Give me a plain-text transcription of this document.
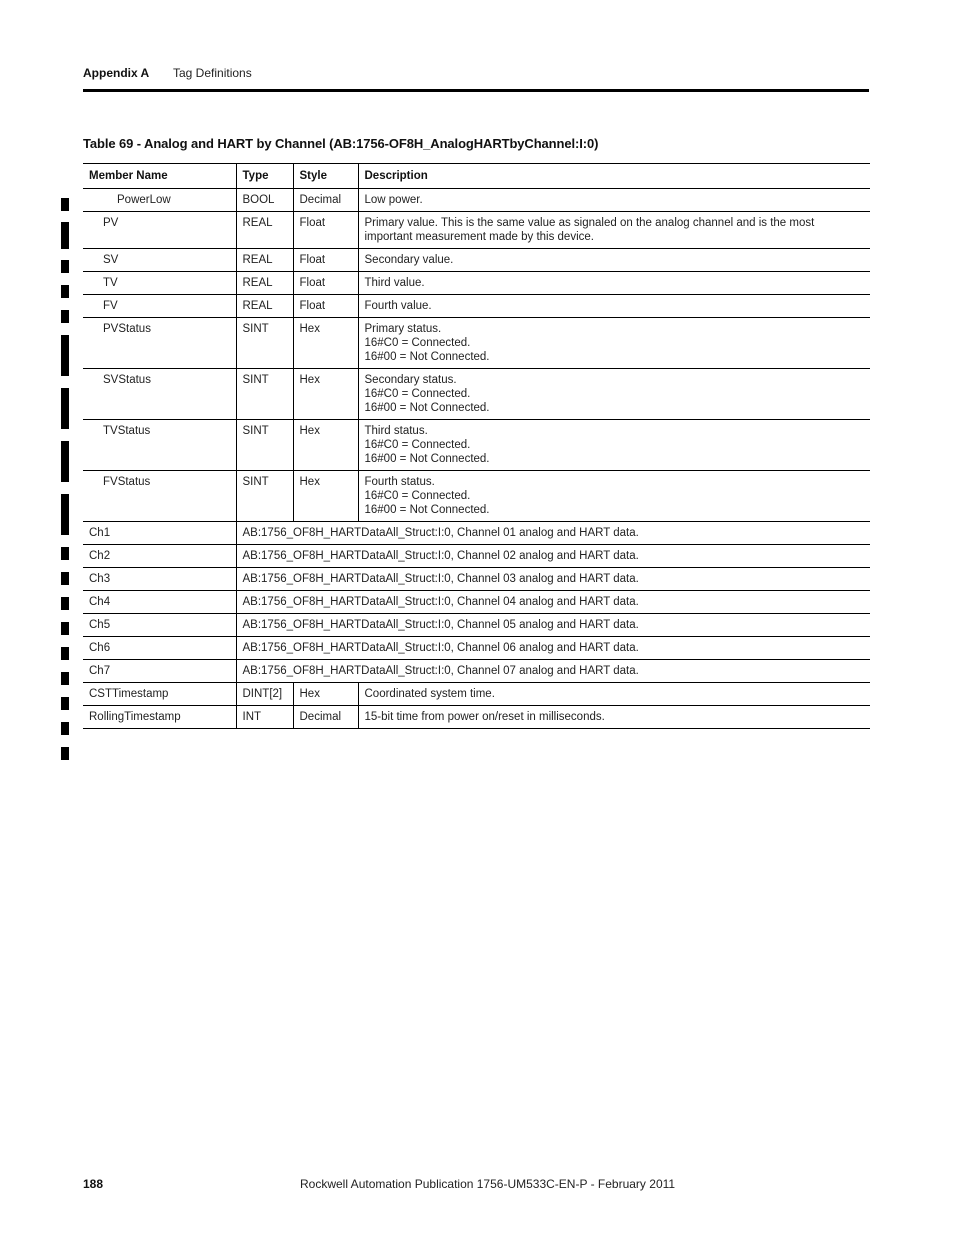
Appendix A Tag Definitions
Table 69 - Analog and HART by Channel (AB:1756-OF8H_AnalogHARTbyChannel:I:0)
Member Name	Type	Style	Description
PowerLow	BOOL	Decimal	Low power.

PV	REAL	Float	Primary value. This is the same value as signaled on the analog channel and is the most important measurement made by this device.

SV	REAL	Float	Secondary value.

TV	REAL	Float	Third value.

FV	REAL	Float	Fourth value.

PVStatus	SINT	Hex	Primary status.
16#C0 = Connected.
16#00 = Not Connected.

SVStatus	SINT	Hex	Secondary status.
16#C0 = Connected.
16#00 = Not Connected.

TVStatus	SINT	Hex	Third status.
16#C0 = Connected.
16#00 = Not Connected.

FVStatus	SINT	Hex	Fourth status.
16#C0 = Connected.
16#00 = Not Connected.

Ch1	AB:1756_OF8H_HARTDataAll_Struct:I:0, Channel 01 analog and HART data.		
Ch2	AB:1756_OF8H_HARTDataAll_Struct:I:0, Channel 02 analog and HART data.		
Ch3	AB:1756_OF8H_HARTDataAll_Struct:I:0, Channel 03 analog and HART data.		
Ch4	AB:1756_OF8H_HARTDataAll_Struct:I:0, Channel 04 analog and HART data.		
Ch5	AB:1756_OF8H_HARTDataAll_Struct:I:0, Channel 05 analog and HART data.		
Ch6	AB:1756_OF8H_HARTDataAll_Struct:I:0, Channel 06 analog and HART data.		
Ch7	AB:1756_OF8H_HARTDataAll_Struct:I:0, Channel 07 analog and HART data.		
CSTTimestamp	DINT[2]	Hex	Coordinated system time.

RollingTimestamp	INT	Decimal	15-bit time from power on/reset in milliseconds.
188	Rockwell Automation Publication 1756-UM533C-EN-P - February 2011
